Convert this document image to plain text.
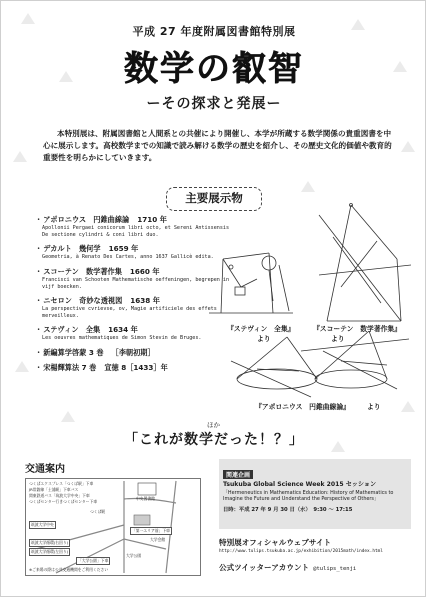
平成 27 年度附属図書館特別展
数学の叡智
ーその探求と発展ー
本特別展は、附属図書館と人間系との共催により開催し、本学が所蔵する数学関係の貴重図書を中心に展示します。高校数学までの知識で読み解ける数学の歴史を紹介し、その歴史文化的価値や教育的重要性を明らかにしていきます。
主要展示物
・アポロニウス　円錐曲線論 1710 年
Apollonii Pergaei conicorum libri octo, et Sereni Antissensis De sectione cylindri & coni libri duo.
・デカルト　幾何学 1659 年
Geometria, à Renato Des Cartes, anno 1637 Gallicè edita.
・スコーテン　数学著作集 1660 年
Francisci van Schooten Mathematische oeffeningen, begrepen in vijf boecken.
・ニセロン　奇妙な透視図 1638 年
La perspective cvrievse, ov, Magie artificiele des effets merveilleux.
・ステヴィン　全集 1634 年
Les oeuvres mathematiques de Simon Stevin de Bruges.
・新編算学啓蒙 3 巻 ［李朝初期］
・宋楊輝算法 7 巻 宣徳 8［1433］年
ほか
『ステヴィン　全集』
より
『スコーテン　数学著作集』
より
『アポロニウス　円錐曲線論』	より
「これが数学だった！？」
交通案内
つくばエクスプレス「つくば駅」下車
JR常磐線「土浦駅」下車バス
関東鉄道バス「筑波大学中央」下車
つくばセンター行きつくばセンター下車
中央図書館
「第一エリア前」下車
筑波大学中央
筑波大学循環(右回り)
筑波大学循環(左回り)
「大学公園」下車
つくば駅
大学会館
大学公園
※ご来場の際は公共交通機関をご利用ください
関連企画
Tsukuba Global Science Week 2015 セッション
「Hermeneutics in Mathematics Education: History of Mathematics to Imagine the Future and Understand the Perspective of Others」
日時：平成 27 年 9 月 30 日（水）　9:30 ～ 17:15
特別展オフィシャルウェブサイト
http://www.tulips.tsukuba.ac.jp/exhibition/2015math/index.html
公式ツイッターアカウント @tulips_tenji
